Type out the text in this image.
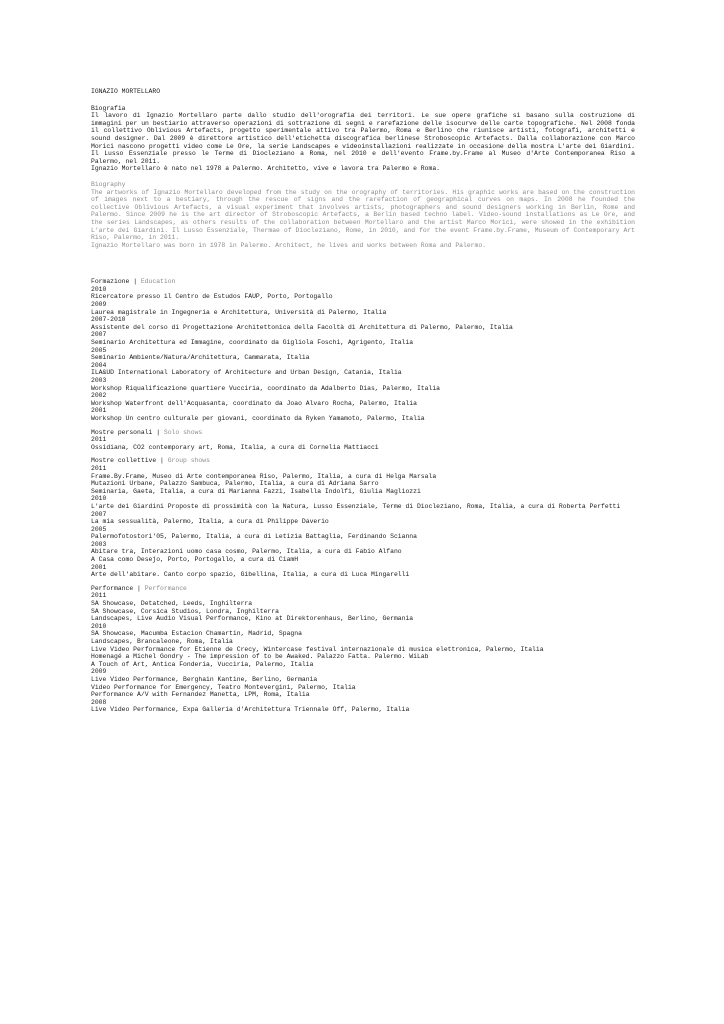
IGNAZIO MORTELLARO
Biografia
Il lavoro di Ignazio Mortellaro parte dallo studio dell'orografia dei territori. Le sue opere grafiche si basano sulla costruzione di immagini per un bestiario attraverso operazioni di sottrazione di segni e rarefazione delle isocurve delle carte topografiche. Nel 2008 fonda il collettivo Oblivious Artefacts, progetto sperimentale attivo tra Palermo, Roma e Berlino che riunisce artisti, fotografi, architetti e sound designer. Dal 2009 è direttore artistico dell'etichetta discografica berlinese Stroboscopic Artefacts. Dalla collaborazione con Marco Morici nascono progetti video come Le Ore, la serie Landscapes e videoinstallazioni realizzate in occasione della mostra L'arte dei Giardini. Il Lusso Essenziale presso le Terme di Diocleziano a Roma, nel 2010 e dell'evento Frame.by.Frame al Museo d'Arte Contemporanea Riso a Palermo, nel 2011.
Ignazio Mortellaro è nato nel 1978 a Palermo. Architetto, vive e lavora tra Palermo e Roma.
Biography
The artworks of Ignazio Mortellaro developed from the study on the orography of territories. His graphic works are based on the construction of images next to a bestiary, through the rescue of signs and the rarefaction of geographical curves on maps. In 2008 he founded the collective Oblivious Artefacts, a visual experiment that involves artists, photographers and sound designers working in Berlin, Rome and Palermo. Since 2009 he is the art director of Stroboscopic Artefacts, a Berlin based techno label. Video-sound installations as Le Ore, and the series Landscapes, as others results of the collaboration between Mortellaro and the artist Marco Morici, were showed in the exhibition L'arte dei Giardini. Il Lusso Essenziale, Thermae of Diocleziano, Rome, in 2010, and for the event Frame.by.Frame, Museum of Contemporary Art Riso, Palermo, in 2011.
Ignazio Mortellaro was born in 1978 in Palermo. Architect, he lives and works between Roma and Palermo.
Formazione | Education
2010
Ricercatore presso il Centro de Estudos FAUP, Porto, Portogallo
2009
Laurea magistrale in Ingegneria e Architettura, Università di Palermo, Italia
2007-2010
Assistente del corso di Progettazione Architettonica della Facoltà di Architettura di Palermo, Palermo, Italia
2007
Seminario Architettura ed Immagine, coordinato da Gigliola Foschi, Agrigento, Italia
2005
Seminario Ambiente/Natura/Architettura, Cammarata, Italia
2004
ILA&UD International Laboratory of Architecture and Urban Design, Catania, Italia
2003
Workshop Riqualificazione quartiere Vucciria, coordinato da Adalberto Dias, Palermo, Italia
2002
Workshop Waterfront dell'Acquasanta, coordinato da Joao Alvaro Rocha, Palermo, Italia
2001
Workshop Un centro culturale per giovani, coordinato da Ryken Yamamoto, Palermo, Italia
Mostre personali | Solo shows
2011
Ossidiana, CO2 contemporary art, Roma, Italia, a cura di Cornelia Mattiacci
Mostre collettive | Group shows
2011
Frame.By.Frame, Museo di Arte contemporanea Riso, Palermo, Italia, a cura di Helga Marsala
Mutazioni Urbane, Palazzo Sambuca, Palermo, Italia, a cura di Adriana Sarro
Seminaria, Gaeta, Italia, a cura di Marianna Fazzi, Isabella Indolfi, Giulia Magliozzi
2010
L'arte dei Giardini Proposte di prossimità con la Natura, Lusso Essenziale, Terme di Diocleziano, Roma, Italia, a cura di Roberta Perfetti
2007
La mia sessualità, Palermo, Italia, a cura di Philippe Daverio
2005
Palermofotostori'05, Palermo, Italia, a cura di Letizia Battaglia, Ferdinando Scianna
2003
Abitare tra, Interazioni uomo casa cosmo, Palermo, Italia, a cura di Fabio Alfano
A Casa como Desejo, Porto, Portogallo, a cura di CiamH
2001
Arte dell'abitare. Canto corpo spazio, Gibellina, Italia, a cura di Luca Mingarelli
Performance | Performance
2011
SA Showcase, Detatched, Leeds, Inghilterra
SA Showcase, Corsica Studios, Londra, Inghilterra
Landscapes, Live Audio Visual Performance, Kino at Direktorenhaus, Berlino, Germania
2010
SA Showcase, Macumba Estacion Chamartin, Madrid, Spagna
Landscapes, Brancaleone, Roma, Italia
Live Video Performance for Etienne de Crecy, Wintercase festival internazionale di musica elettronica, Palermo, Italia
Homenagé a Michel Gondry - The impression of to be Awaked. Palazzo Fatta. Palermo. WiLab
A Touch of Art, Antica Fonderia, Vucciria, Palermo, Italia
2009
Live Video Performance, Berghain Kantine, Berlino, Germania
Video Performance for Emergency, Teatro Montevergini, Palermo, Italia
Performance A/V with Fernandez Manetta, LPM, Roma, Italia
2008
Live Video Performance, Expa Galleria d'Architettura Triennale Off, Palermo, Italia
